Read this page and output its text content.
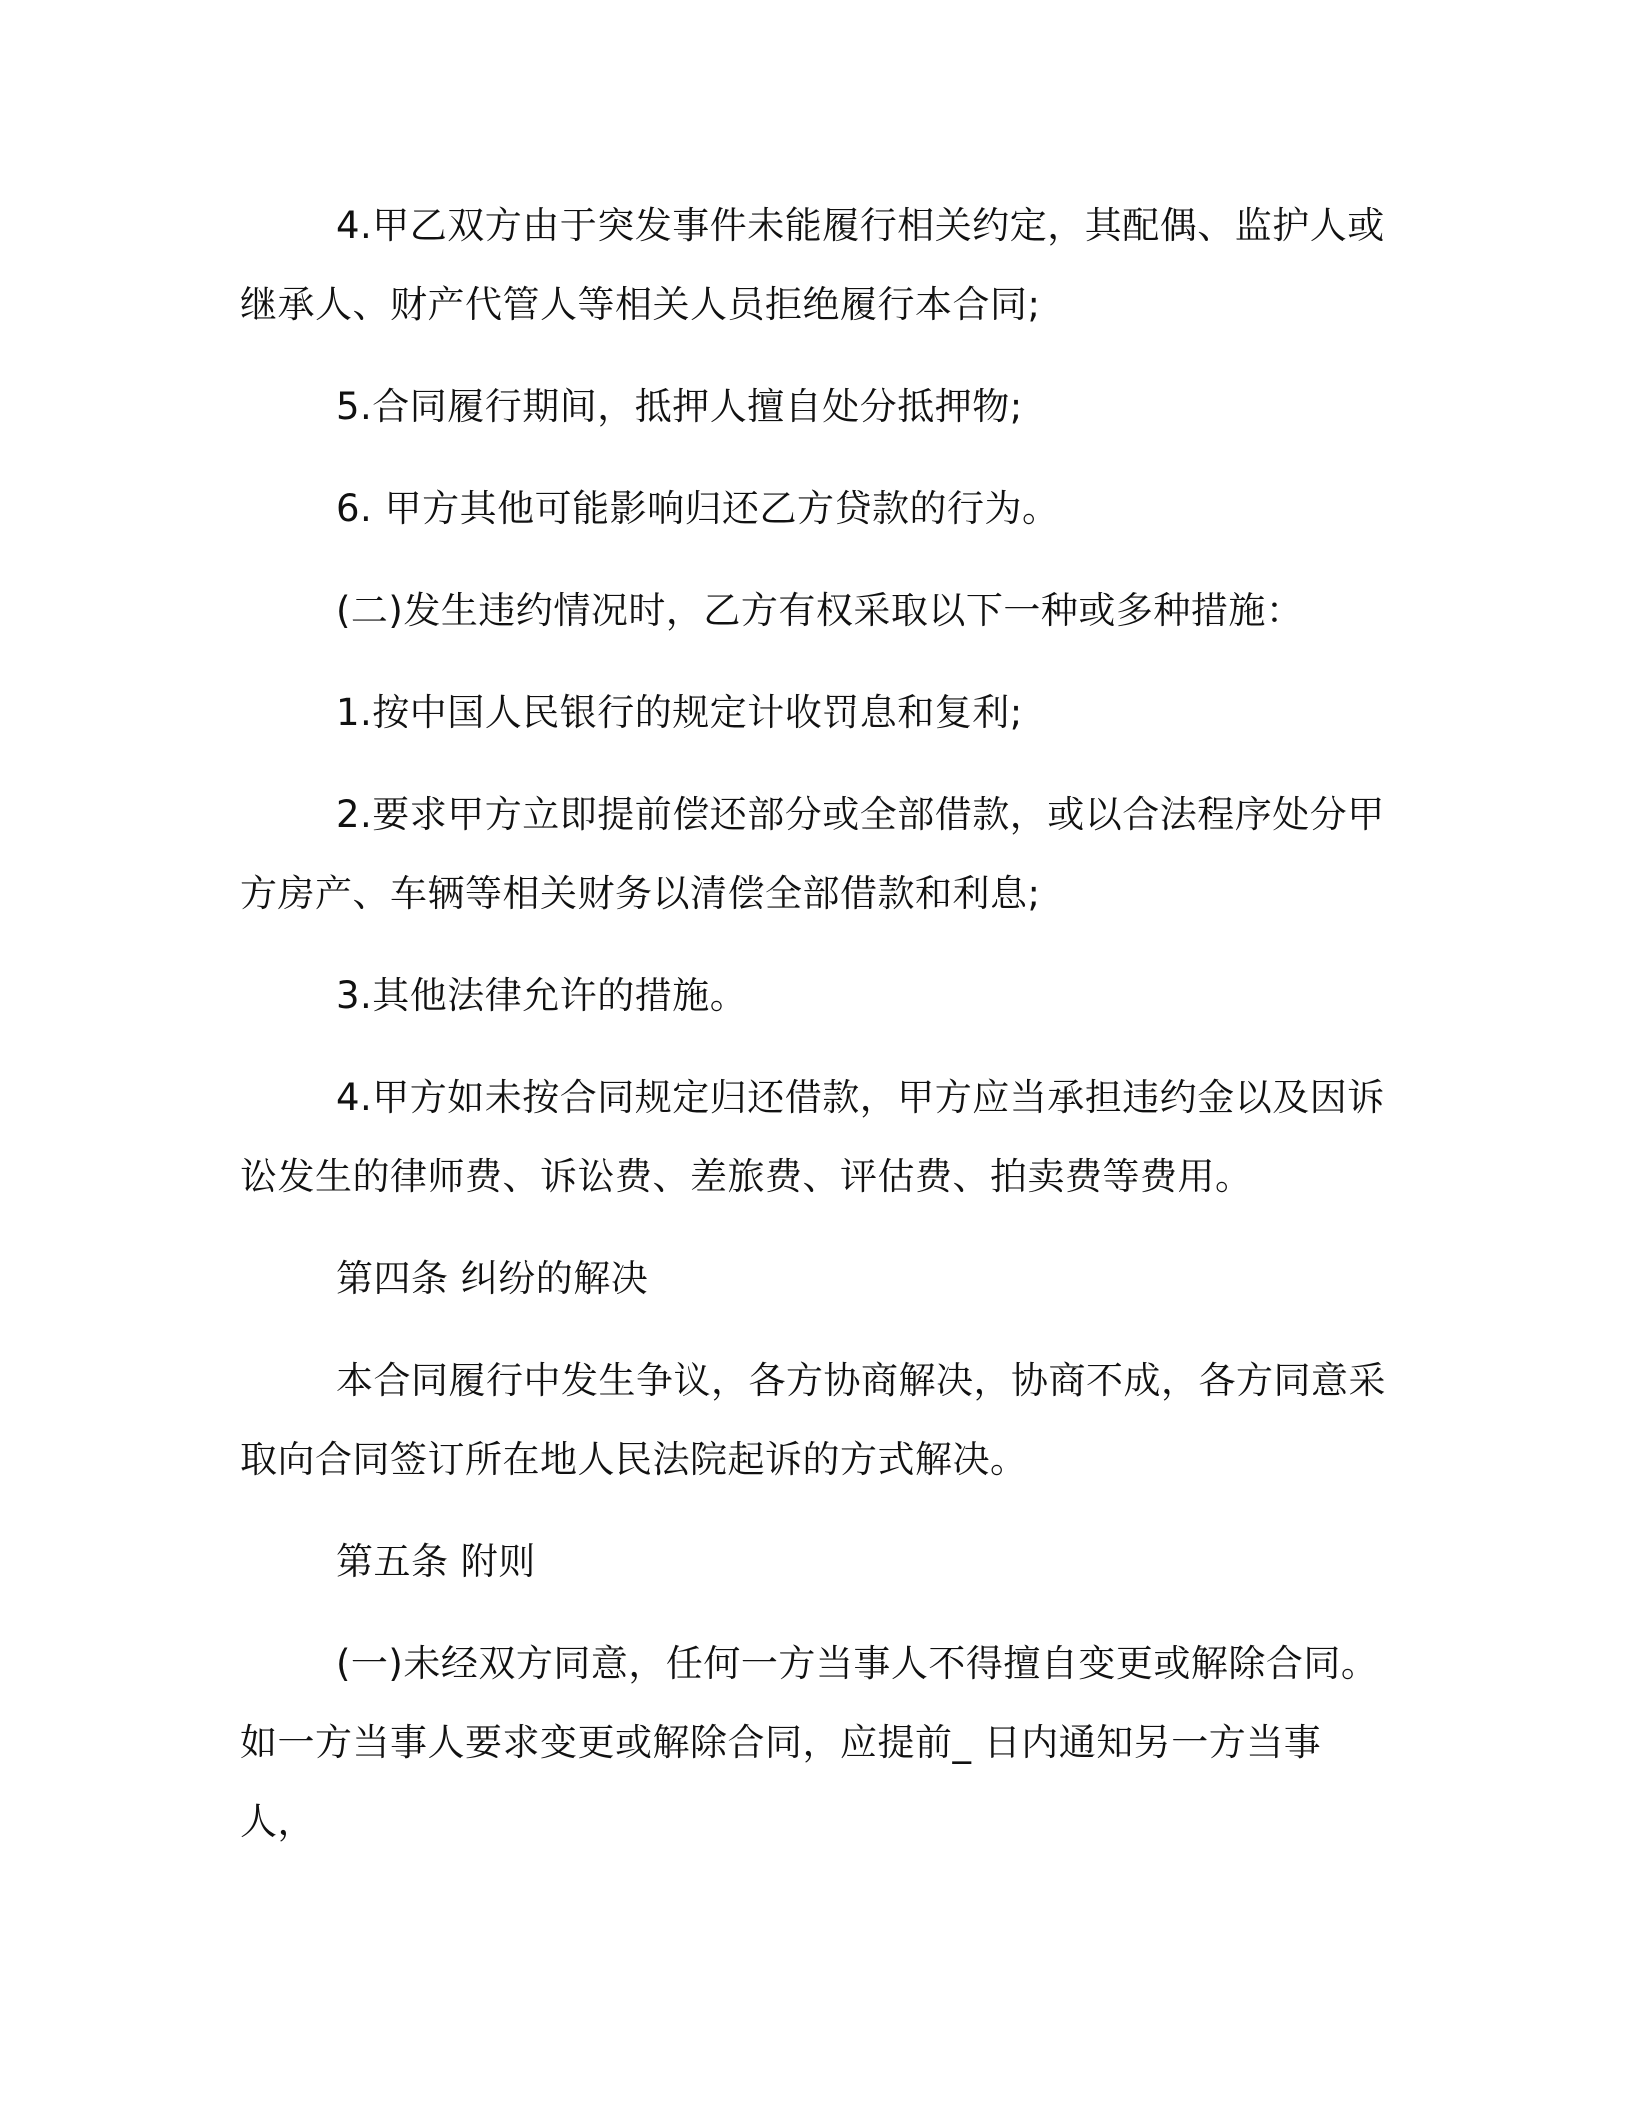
4.甲乙双方由于突发事件未能履行相关约定，其配偶、监护人或继承人、财产代管人等相关人员拒绝履行本合同;

5.合同履行期间，抵押人擅自处分抵押物;

6. 甲方其他可能影响归还乙方贷款的行为。

(二)发生违约情况时，乙方有权采取以下一种或多种措施：

1.按中国人民银行的规定计收罚息和复利;

2.要求甲方立即提前偿还部分或全部借款，或以合法程序处分甲方房产、车辆等相关财务以清偿全部借款和利息;

3.其他法律允许的措施。

4.甲方如未按合同规定归还借款，甲方应当承担违约金以及因诉讼发生的律师费、诉讼费、差旅费、评估费、拍卖费等费用。

第四条 纠纷的解决

本合同履行中发生争议，各方协商解决，协商不成，各方同意采取向合同签订所在地人民法院起诉的方式解决。

第五条 附则

(一)未经双方同意，任何一方当事人不得擅自变更或解除合同。如一方当事人要求变更或解除合同，应提前_ 日内通知另一方当事人，
